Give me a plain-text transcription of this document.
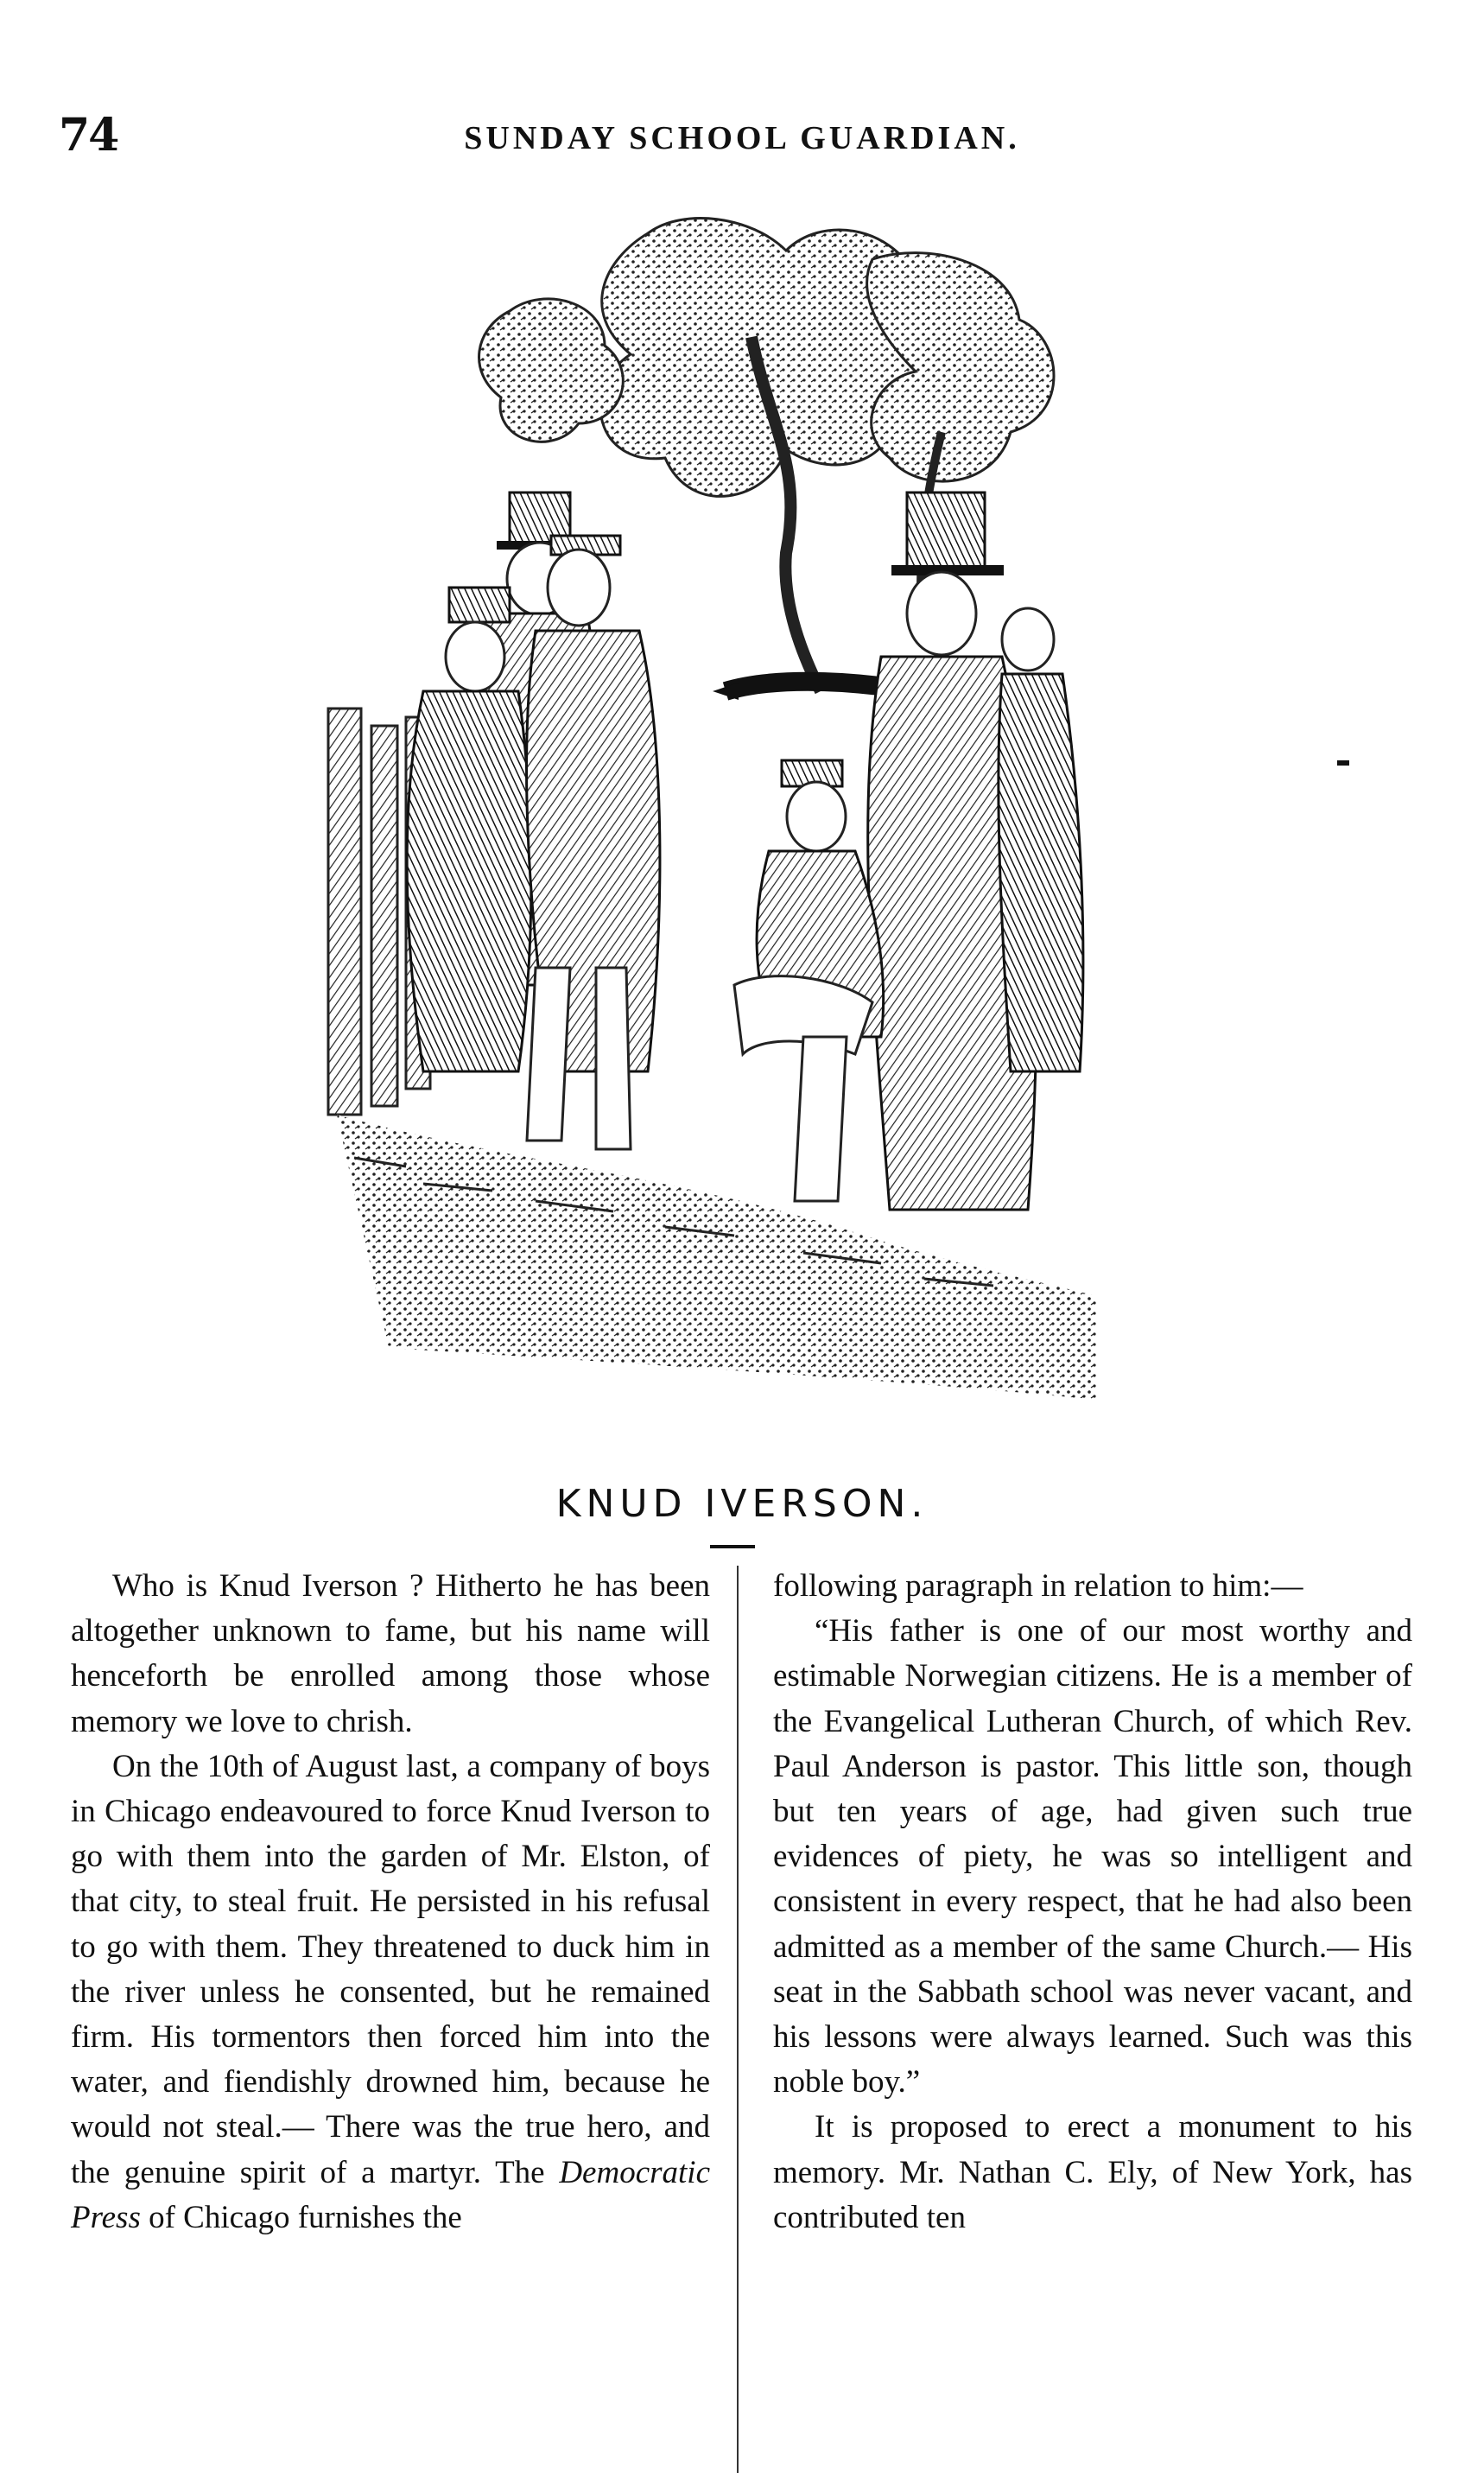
74	SUNDAY SCHOOL GUARDIAN.
KNUD IVERSON.

Who is Knud Iverson ? Hitherto he has been altogether unknown to fame, but his name will henceforth be enrolled among those whose memory we love to chrish.

On the 10th of August last, a company of boys in Chicago endeavoured to force Knud Iverson to go with them into the garden of Mr. Elston, of that city, to steal fruit. He persisted in his refusal to go with them. They threatened to duck him in the river unless he consented, but he remained firm. His tormentors then forced him into the water, and fiendishly drowned him, because he would not steal.— There was the true hero, and the genuine spirit of a martyr. The Democratic Press of Chicago furnishes the

following paragraph in relation to him:—

“His father is one of our most worthy and estimable Norwegian citizens. He is a member of the Evangelical Lutheran Church, of which Rev. Paul Anderson is pastor. This little son, though but ten years of age, had given such true evidences of piety, he was so intelligent and consistent in every respect, that he had also been admitted as a member of the same Church.— His seat in the Sabbath school was never vacant, and his lessons were always learned. Such was this noble boy.”

It is proposed to erect a monument to his memory. Mr. Nathan C. Ely, of New York, has contributed ten
